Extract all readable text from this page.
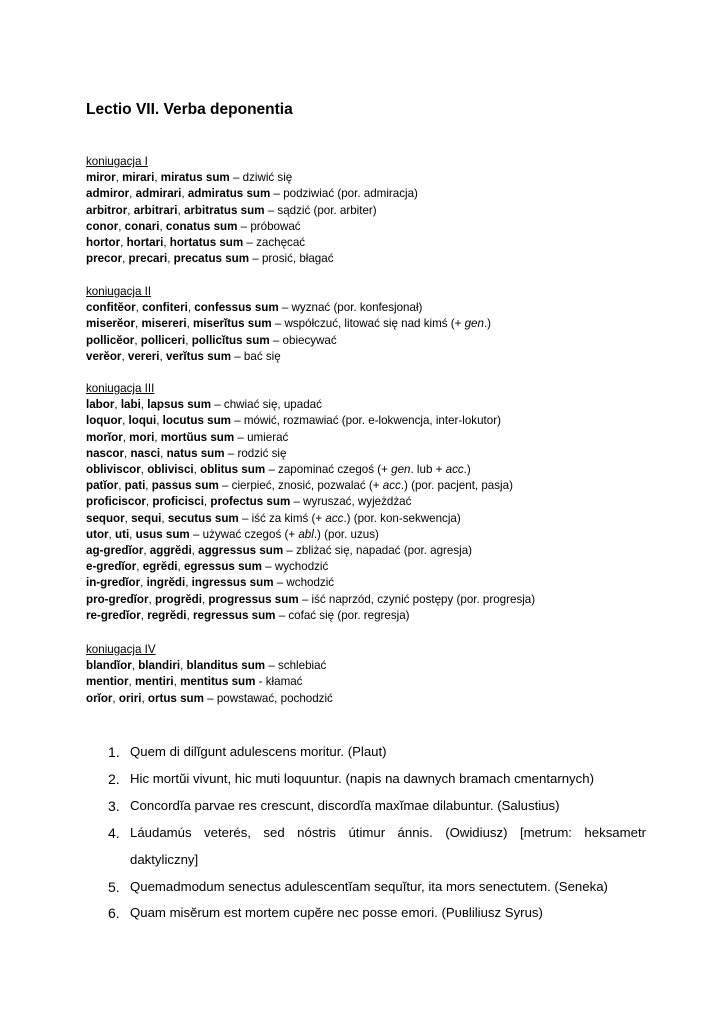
Lectio VII. Verba deponentia
koniugacja I
miror, mirari, miratus sum – dziwić się
admiror, admirari, admiratus sum – podziwiać (por. admiracja)
arbitror, arbitrari, arbitratus sum – sądzić (por. arbiter)
conor, conari, conatus sum – próbować
hortor, hortari, hortatus sum – zachęcać
precor, precari, precatus sum – prosić, błagać
koniugacja II
confitĕor, confiteri, confessus sum – wyznać (por. konfesjonał)
miserĕor, misereri, miserĭtus sum – współczuć, litować się nad kimś (+ gen.)
pollicĕor, polliceri, pollicĭtus sum – obiecywać
verĕor, vereri, verĭtus sum – bać się
koniugacja III
labor, labi, lapsus sum – chwiać się, upadać
loquor, loqui, locutus sum – mówić, rozmawiać (por. e-lokwencja, inter-lokutor)
morĭor, mori, mortŭus sum – umierać
nascor, nasci, natus sum – rodzić się
obliviscor, oblivisci, oblitus sum – zapominać czegoś (+ gen. lub + acc.)
patĭor, pati, passus sum – cierpieć, znosić, pozwalać (+ acc.) (por. pacjent, pasja)
proficiscor, proficisci, profectus sum – wyruszać, wyjeżdżać
sequor, sequi, secutus sum – iść za kimś (+ acc.) (por. kon-sekwencja)
utor, uti, usus sum – używać czegoś (+ abl.) (por. uzus)
ag-gredĭor, aggrĕdi, aggressus sum – zbliżać się, napadać (por. agresja)
e-gredĭor, egrĕdi, egressus sum – wychodzić
in-gredĭor, ingrĕdi, ingressus sum – wchodzić
pro-gredĭor, progrĕdi, progressus sum – iść naprzód, czynić postępy (por. progresja)
re-gredĭor, regrĕdi, regressus sum – cofać się (por. regresja)
koniugacja IV
blandĭor, blandiri, blanditus sum – schlebiać
mentior, mentiri, mentitus sum - kłamać
orĭor, oriri, ortus sum – powstawać, pochodzić
1. Quem di dilĭgunt adulescens moritur. (Plaut)
2. Hic mortŭi vivunt, hic muti loquuntur. (napis na dawnych bramach cmentarnych)
3. Concordĭa parvae res crescunt, discordĭa maxĭmae dilabuntur. (Salustius)
4. Láudamús veterés, sed nóstris útimur ánnis. (Owidiusz) [metrum: heksametr daktyliczny]
5. Quemadmodum senectus adulescentĭam sequĭtur, ita mors senectutem. (Seneka)
6. Quam misĕrum est mortem cupĕre nec posse emori. (Pᴜʙliliusz Syrus)
